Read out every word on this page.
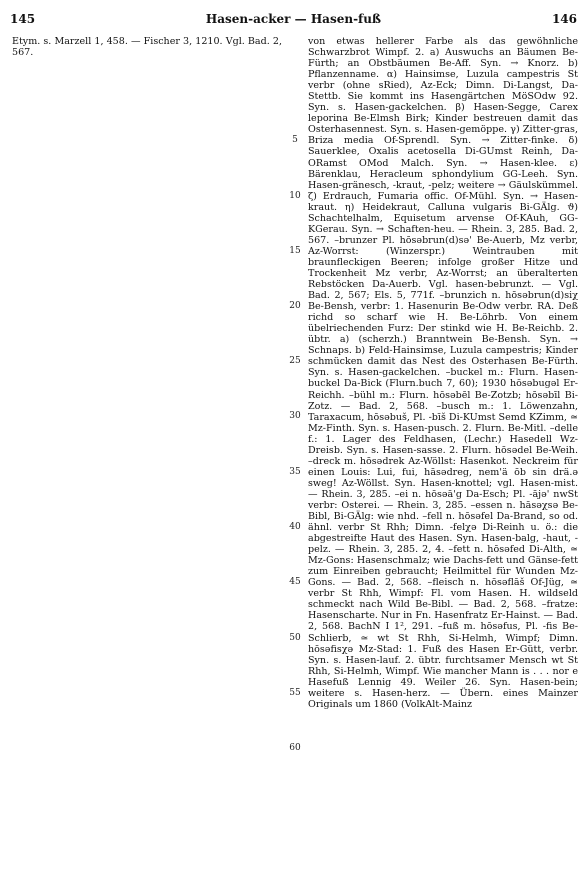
145	Hasen-acker — Hasen-fuß	146

Etym. s. Marzell 1, 458. — Fischer 3, 1210. Vgl. Bad. 2, 567.

5
10
15
20
25
30
35
40
45
50
55
60

von etwas hellerer Farbe als das gewöhnliche Schwarzbrot Wimpf. 2. a) Auswuchs an Bäumen Be-Fürth; an Obstbäumen Be-Aff. Syn. → Knorz. b) Pflanzenname. α) Hainsimse, Luzula campestris St verbr (ohne sRied), Az-Eck; Dimn. Di-Langst, Da-Stettb. Sie kommt ins Hasengärtchen MöSOdw 92. Syn. s. Hasen-gackelchen. β) Hasen-Segge, Carex leporina Be-Elmsh Birk; Kinder bestreuen damit das Osterhasennest. Syn. s. Hasen-gemöppe. γ) Zitter-gras, Briza media Of-Sprendl. Syn. → Zitter-finke. δ) Sauerklee, Oxalis acetosella Di-GUmst Reinh, Da-ORamst OMod Malch. Syn. → Hasen-klee. ε) Bärenklau, Heracleum sphondylium GG-Leeh. Syn. Hasen-gränesch, -kraut, -pelz; weitere → Gäulskümmel. ζ) Erdrauch, Fumaria offic. Of-Mühl. Syn. → Hasen-kraut. η) Heidekraut, Calluna vulgaris Bi-GÄlg. ϑ) Schachtelhalm, Equisetum arvense Of-KAuh, GG-KGerau. Syn. → Schaften-heu. — Rhein. 3, 285. Bad. 2, 567. –brunzer Pl. hōsəbrun(d)sə' Be-Auerb, Mz verbr, Az-Worrst: (Winzerspr.) Weintrauben mit braunfleckigen Beeren; infolge großer Hitze und Trockenheit Mz verbr, Az-Worrst; an überalterten Rebstöcken Da-Auerb. Vgl. hasen-bebrunzt. — Vgl. Bad. 2, 567; Els. 5, 771f. –brunzich n. hōsəbrun(d)siχ Be-Bensh, verbr: 1. Hasenurin Be-Odw verbr. RA. Deß richd so scharf wie H. Be-Löhrb. Von einem übelriechenden Furz: Der stinkd wie H. Be-Reichb. 2. übtr. a) (scherzh.) Branntwein Be-Bensh. Syn. → Schnaps. b) Feld-Hainsimse, Luzula campestris; Kinder schmücken damit das Nest des Osterhasen Be-Fürth. Syn. s. Hasen-gackelchen. –buckel m.: Flurn. Hasen-buckel Da-Bick (Flurn.buch 7, 60); 1930 hōsəbugəl Er-Reichh. –bühl m.: Flurn. hōsəbēl Be-Zotzb; hōsəbīl Bi-Zotz. — Bad. 2, 568. –busch m.: 1. Löwenzahn, Taraxacum, hōsəbuš, Pl. -bīš Di-KUmst Semd KZimm, ≃ Mz-Finth. Syn. s. Hasen-pusch. 2. Flurn. Be-Mitl. –delle f.: 1. Lager des Feldhasen, (Lechr.) Hasedell Wz-Dreisb. Syn. s. Hasen-sasse. 2. Flurn. hōsədel Be-Weih. –dreck m. hōsədrek Az-Wöllst: Hasenkot. Neckreim für einen Louis: Lui, fui, hāsədreg, nem'ä ōb sin drä.ə sweg! Az-Wöllst. Syn. Hasen-knottel; vgl. Hasen-mist. — Rhein. 3, 285. –ei n. hōsəā'g Da-Esch; Pl. -ājə' nwSt verbr: Osterei. — Rhein. 3, 285. –essen n. hāsəχsə Be-Bibl, Bi-GÄlg: wie nhd. –fell n. hōsəfel Da-Brand, so od. ähnl. verbr St Rhh; Dimn. -felχə Di-Reinh u. ö.: die abgestreifte Haut des Hasen. Syn. Hasen-balg, -haut, -pelz. — Rhein. 3, 285. 2, 4. –fett n. hōsəfed Di-Alth, ≃ Mz-Gons: Hasenschmalz; wie Dachs-fett und Gänse-fett zum Einreiben gebraucht; Heilmittel für Wunden Mz-Gons. — Bad. 2, 568. –fleisch n. hōsəflāš Of-Jüg, ≃ verbr St Rhh, Wimpf: Fl. vom Hasen. H. wildseld schmeckt nach Wild Be-Bibl. — Bad. 2, 568. –fratze: Hasenscharte. Nur in Fn. Hasenfratz Er-Hainst. — Bad. 2, 568. BachN I 1², 291. –fuß m. hōsəfus, Pl. -fis Be-Schlierb, ≃ wt St Rhh, Si-Helmh, Wimpf; Dimn. hōsəfisχə Mz-Stad: 1. Fuß des Hasen Er-Gütt, verbr. Syn. s. Hasen-lauf. 2. übtr. furchtsamer Mensch wt St Rhh, Si-Helmh, Wimpf. Wie mancher Mann is . . . nor e Hasefuß Lennig 49. Weiler 26. Syn. Hasen-bein; weitere s. Hasen-herz. — Übern. eines Mainzer Originals um 1860 (VolkAlt-Mainz
